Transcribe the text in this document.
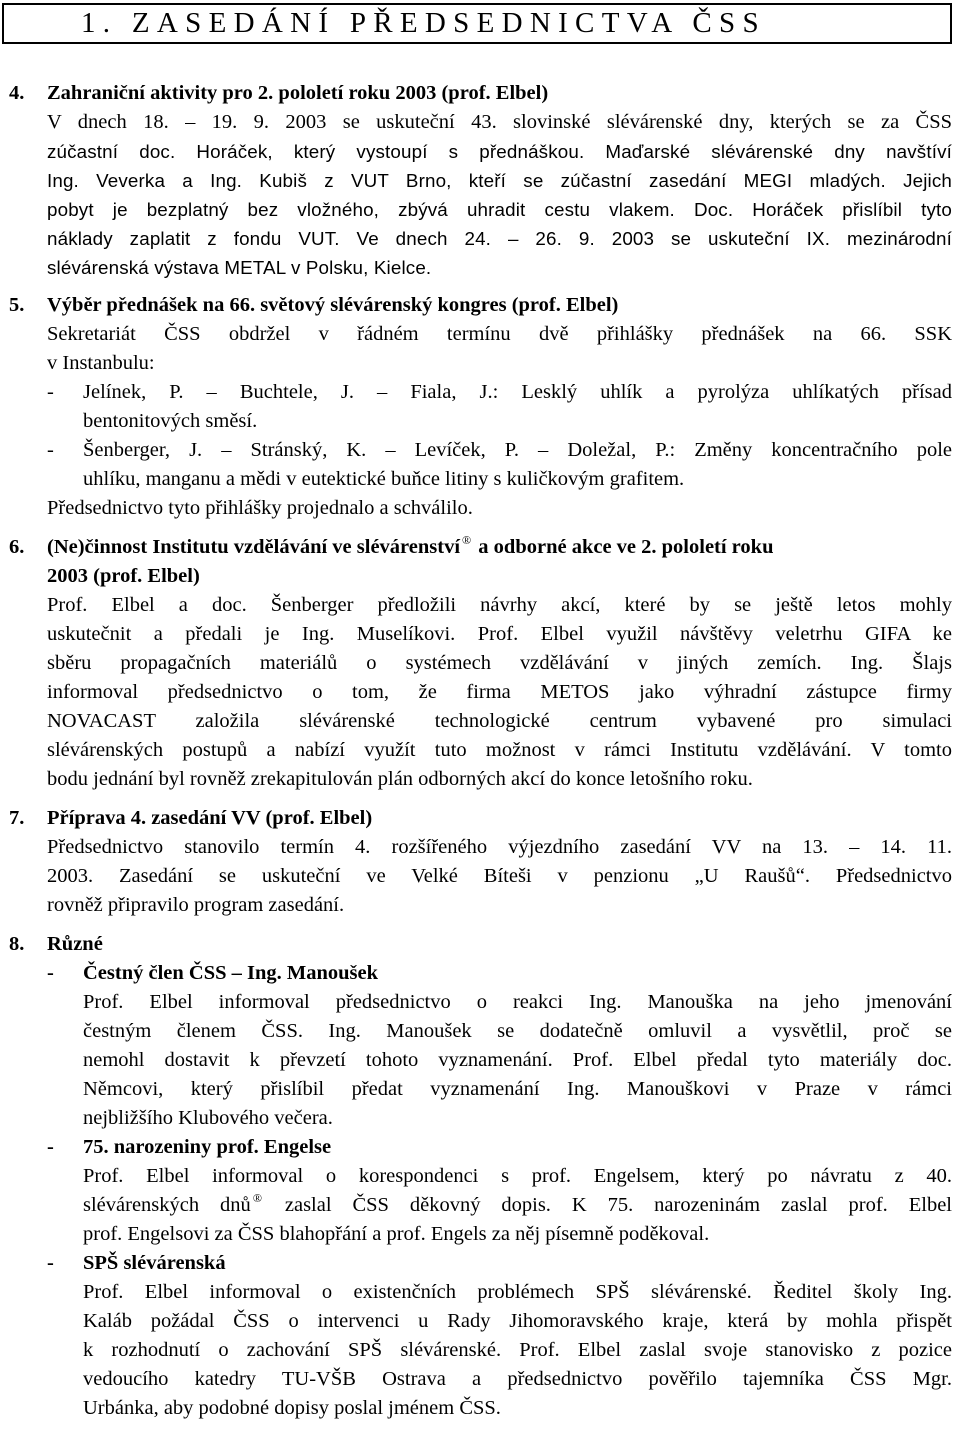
1. ZASEDÁNÍ PŘEDSEDNICTVA ČSS
4.	Zahraniční aktivity pro 2. pololetí roku 2003 (prof. Elbel)
V dnech 18. – 19. 9. 2003 se uskuteční 43. slovinské slévárenské dny, kterých se za ČSS
zúčastní doc. Horáček, který vystoupí s přednáškou. Maďarské slévárenské dny navštíví
Ing. Veverka a Ing. Kubiš z VUT Brno, kteří se zúčastní zasedání MEGI mladých. Jejich
pobyt je bezplatný bez vložného, zbývá uhradit cestu vlakem. Doc. Horáček přislíbil tyto
náklady zaplatit z fondu VUT. Ve dnech 24. – 26. 9. 2003 se uskuteční IX. mezinárodní
slévárenská výstava METAL v Polsku, Kielce.
5.	Výběr přednášek na 66. světový slévárenský kongres (prof. Elbel)
Sekretariát ČSS obdržel v řádném termínu dvě přihlášky přednášek na 66. SSK
v Instanbulu:
-	Jelínek, P. – Buchtele, J. – Fiala, J.: Lesklý uhlík a pyrolýza uhlíkatých přísad
bentonitových směsí.
-	Šenberger, J. – Stránský, K. – Levíček, P. – Doležal, P.: Změny koncentračního pole
uhlíku, manganu a mědi v eutektické buňce litiny s kuličkovým grafitem.
Předsednictvo tyto přihlášky projednalo a schválilo.
6.	(Ne)činnost Institutu vzdělávání ve slévárenství ® a odborné akce ve 2. pololetí roku
2003 (prof. Elbel)
Prof. Elbel a doc. Šenberger předložili návrhy akcí, které by se ještě letos mohly
uskutečnit a předali je Ing. Muselíkovi. Prof. Elbel využil návštěvy veletrhu GIFA ke
sběru propagačních materiálů o systémech vzdělávání v jiných zemích. Ing. Šlajs
informoval předsednictvo o tom, že firma METOS jako výhradní zástupce firmy
NOVACAST založila slévárenské technologické centrum vybavené pro simulaci
slévárenských postupů a nabízí využít tuto možnost v rámci Institutu vzdělávání. V tomto
bodu jednání byl rovněž zrekapitulován plán odborných akcí do konce letošního roku.
7.	Příprava 4. zasedání VV (prof. Elbel)
Předsednictvo stanovilo termín 4. rozšířeného výjezdního zasedání VV na 13. – 14. 11.
2003. Zasedání se uskuteční ve Velké Bíteši v penzionu „U Raušů“. Předsednictvo
rovněž připravilo program zasedání.
8.	Různé
-	Čestný člen ČSS – Ing. Manoušek
Prof. Elbel informoval předsednictvo o reakci Ing. Manouška na jeho jmenování
čestným členem ČSS. Ing. Manoušek se dodatečně omluvil a vysvětlil, proč se
nemohl dostavit k převzetí tohoto vyznamenání. Prof. Elbel předal tyto materiály doc.
Němcovi, který přislíbil předat vyznamenání Ing. Manouškovi v Praze v rámci
nejbližšího Klubového večera.
-	75. narozeniny prof. Engelse
Prof. Elbel informoval o korespondenci s prof. Engelsem, který po návratu z 40.
slévárenských dnů ® zaslal ČSS děkovný dopis. K 75. narozeninám zaslal prof. Elbel
prof. Engelsovi za ČSS blahopřání a prof. Engels za něj písemně poděkoval.
-	SPŠ slévárenská
Prof. Elbel informoval o existenčních problémech SPŠ slévárenské. Ředitel školy Ing.
Kaláb požádal ČSS o intervenci u Rady Jihomoravského kraje, která by mohla přispět
k rozhodnutí o zachování SPŠ slévárenské. Prof. Elbel zaslal svoje stanovisko z pozice
vedoucího katedry TU-VŠB Ostrava a předsednictvo pověřilo tajemníka ČSS Mgr.
Urbánka, aby podobné dopisy poslal jménem ČSS.
